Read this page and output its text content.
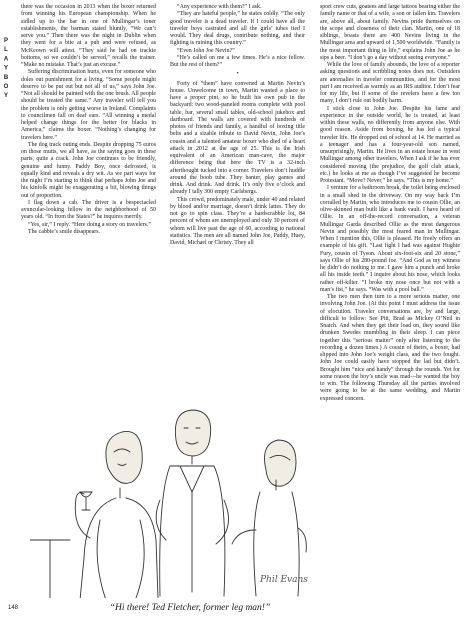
PLAYBOY

there was the occasion in 2013 when the boxer returned from winning his European championship. When he sidled up to the bar in one of Mullingar’s toner establishments, the barman stated bluntly, “We can’t serve you.” Then there was the night in Dublin when they went for a bite at a pub and were refused, as McKeown will attest. “They said he had on trackie bottoms, so we couldn’t be served,” recalls the trainer. “Make no mistake. That’s just an excuse.”

Suffering discrimination hurts, even for someone who doles out punishment for a living. “Some people might deserve to be put out but not all of us,” says John Joe. “Not all should be painted with the one brush. All people should be treated the same.” Any traveler will tell you the problem is only getting worse in Ireland. Complaints to councilmen fall on deaf ears. “All winning a medal helped change things for the better for blacks in America,” claims the boxer. “Nothing’s changing for travelers here.”

The dog track outing ends. Despite dropping 75 euros on those mutts, we all have, as the saying goes in these parts, quite a crack. John Joe continues to be friendly, genuine and funny. Paddy Boy, once defrosted, is equally kind and reveals a dry wit. As we part ways for the night I’m starting to think that perhaps John Joe and his kinfolk might be exaggerating a bit, blowing things out of proportion.

I flag down a cab. The driver is a bespectacled avuncular-looking fellow in the neighborhood of 50 years old. “In from the States?” he inquires merrily.

“Yes, sir,” I reply. “Here doing a story on travelers.”

The cabbie’s smile disappears.

“Any experience with them?” I ask.

“They are hateful people,” he states coldly. “The only good traveler is a dead traveler. If I could have all the traveler boys castrated and all the girls’ tubes tied I would. They deal drugs, contribute nothing, and their fighting is ruining this country.”

“Even John Joe Nevin?”

“He’s called on me a few times. He’s a nice fellow. But the rest of them?”

•

Forty of “them” have convened at Martin Nevin’s house. Unwelcome in town, Martin wanted a place to have a proper pint, so he built his own pub in the backyard: two wood-paneled rooms complete with pool table, bar, several small tables, old-school jukebox and dartboard. The walls are covered with hundreds of photos of friends and family, a handful of boxing title belts and a sizable tribute to David Nevin, John Joe’s cousin and a talented amateur boxer who died of a heart attack in 2012 at the age of 25. This is the Irish equivalent of an American man-cave, the major difference being that here the TV is a 32-inch afterthought tucked into a corner. Travelers don’t huddle around the boob tube. They banter, play games and drink. And drink. And drink. It’s only five o’clock and already I tally 300 empty Carlsbergs.

This crowd, predominately male, under 40 and related by blood and/or marriage, doesn’t drink lattes. They do not go to spin class. They’re a hardscrabble lot, 84 percent of whom are unemployed and only 30 percent of whom will live past the age of 60, according to national statistics. The men are all named John Joe, Paddy, Huey, David, Michael or Christy. They all

sport crew cuts, goatees and large tattoos bearing either the family name or that of a wife, a son or fallen kin. Travelers are, above all, about family. Nevins pride themselves on the scope and closeness of their clan. Martin, one of 18 siblings, boasts there are 400 Nevins living in the Mullingar area and upward of 1,500 worldwide. “Family is the most important thing in life,” explains John Joe as he sips a beer. “I don’t go a day without seeing everyone.”

While the love of family abounds, the love of a reporter asking questions and scribbling notes does not. Outsiders are anomalies in traveler communities, and for the most part I am received as warmly as an IRS auditor. I don’t fear for my life, but if some of the revelers have a few too many, I don’t rule out bodily harm.

I stick close to John Joe. Despite his fame and experience in the outside world, he is treated, at least within these walls, no differently from anyone else. With good reason. Aside from boxing, he has led a typical traveler life. He dropped out of school at 14. He married as a teenager and has a four-year-old son named, unsurprisingly, Martin. He lives in an estate house in west Mullingar among other travelers. When I ask if he has ever considered moving (the prejudice, the golf club attack, etc.) he looks at me as though I’ve suggested he become Protestant. “Move? Never,” he says. “This is my home.”

I venture for a bathroom break, the toilet being enclosed in a small shed in the driveway. On my way back I’m corralled by Martin, who introduces me to cousin Ollie, an olive-skinned man built like a bank vault. I have heard of Ollie. In an off-the-record conversation, a veteran Mullingar Garda described Ollie as the most dangerous Nevin and possibly the most feared man in Mullingar. When I mention this, Ollie is pleased. He freely offers an example of his gift. “Last fight I had was against Hughie Fury, cousin of Tyson. About six-foot-six and 20 stone,” says Ollie of his 280-pound foe. “And God as my witness he didn’t do nothing to me. I gave him a punch and broke all his inside teeth.” I inquire about his nose, which looks rather off-kilter. “I broke my nose once but not with a man’s fist,” he says. “Was with a pool ball.”

The two men then turn to a more serious matter, one involving John Joe. (At this point I must address the issue of elocution. Traveler conversations are, by and large, difficult to follow: See Pitt, Brad as Mickey O’Neil in Snatch. And when they get their load on, they sound like drunken Swedes mumbling in their sleep. I can piece together this “serious matter” only after listening to the recording a dozen times.) A cousin of theirs, a boxer, had slipped into John Joe’s weight class, and the two fought. John Joe could easily have stopped the lad but didn’t. Brought him “nice and handy” through the rounds. Yet for some reason the boy’s uncle was mad—he wanted the boy to win. The following Thursday all the parties involved were going to be at the same wedding, and Martin expressed concern.

Phil Evans
148	“Hi there! Ted Fletcher, former leg man!”
